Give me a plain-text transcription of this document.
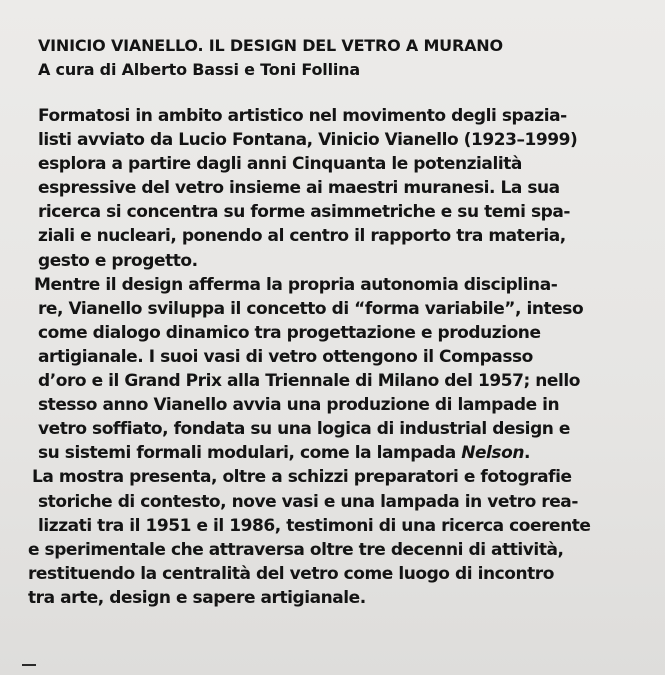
VINICIO VIANELLO. IL DESIGN DEL VETRO A MURANO

A cura di Alberto Bassi e Toni Follina

Formatosi in ambito artistico nel movimento degli spazia-
listi avviato da Lucio Fontana, Vinicio Vianello (1923–1999)
esplora a partire dagli anni Cinquanta le potenzialità
espressive del vetro insieme ai maestri muranesi. La sua
ricerca si concentra su forme asimmetriche e su temi spa-
ziali e nucleari, ponendo al centro il rapporto tra materia,
gesto e progetto.
Mentre il design afferma la propria autonomia disciplina-
re, Vianello sviluppa il concetto di “forma variabile”, inteso
come dialogo dinamico tra progettazione e produzione
artigianale. I suoi vasi di vetro ottengono il Compasso
d’oro e il Grand Prix alla Triennale di Milano del 1957; nello
stesso anno Vianello avvia una produzione di lampade in
vetro soffiato, fondata su una logica di industrial design e
su sistemi formali modulari, come la lampada Nelson.
La mostra presenta, oltre a schizzi preparatori e fotografie
storiche di contesto, nove vasi e una lampada in vetro rea-
lizzati tra il 1951 e il 1986, testimoni di una ricerca coerente
e sperimentale che attraversa oltre tre decenni di attività,
restituendo la centralità del vetro come luogo di incontro
tra arte, design e sapere artigianale.
